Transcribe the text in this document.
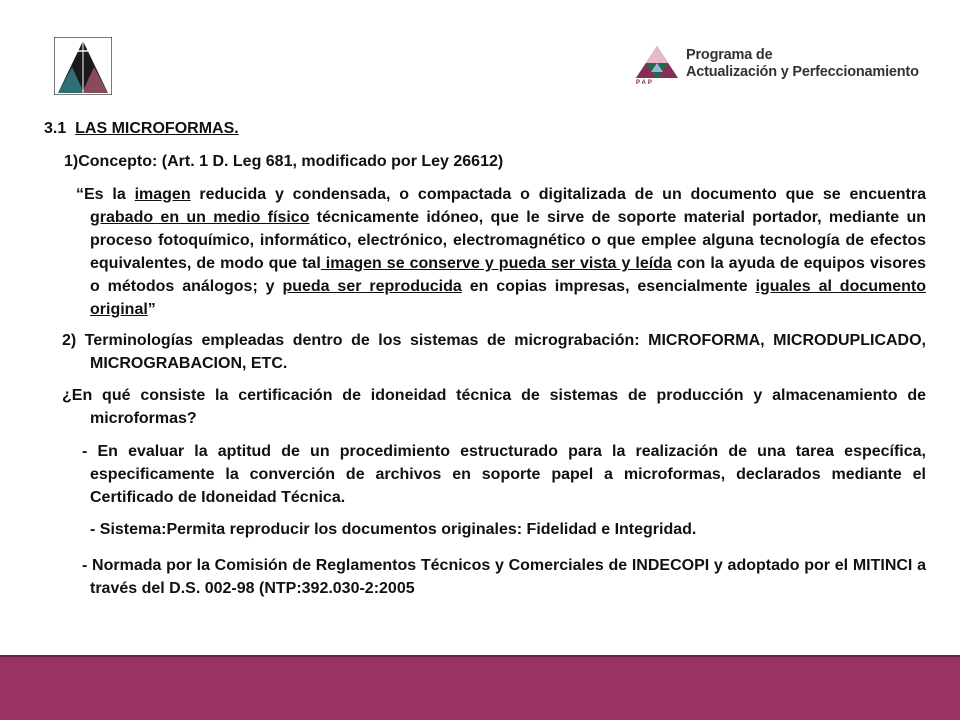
Programa de
Actualización y Perfeccionamiento
PAP
3.1 LAS MICROFORMAS.
1)Concepto: (Art. 1 D. Leg 681, modificado por Ley 26612)
“Es la imagen reducida y condensada, o compactada o digitalizada de un documento que se encuentra grabado en un medio físico técnicamente idóneo, que le sirve de soporte material portador, mediante un proceso fotoquímico, informático, electrónico, electromagnético o que emplee alguna tecnología de efectos equivalentes, de modo que tal imagen se conserve y pueda ser vista y leída con la ayuda de equipos visores o métodos análogos; y pueda ser reproducida en copias impresas, esencialmente iguales al documento original”
2) Terminologías empleadas dentro de los sistemas de micrograbación: MICROFORMA, MICRODUPLICADO, MICROGRABACION, ETC.
¿En qué consiste la certificación de idoneidad técnica de sistemas de producción y almacenamiento de microformas?
- En evaluar la aptitud de un procedimiento estructurado para la realización de una tarea específica, especificamente la converción de archivos en soporte papel a microformas, declarados mediante el Certificado de Idoneidad Técnica.
- Sistema:Permita reproducir los documentos originales: Fidelidad e Integridad.
- Normada por la Comisión de Reglamentos Técnicos y Comerciales de INDECOPI y adoptado por el MITINCI a través del D.S. 002-98 (NTP:392.030-2:2005
